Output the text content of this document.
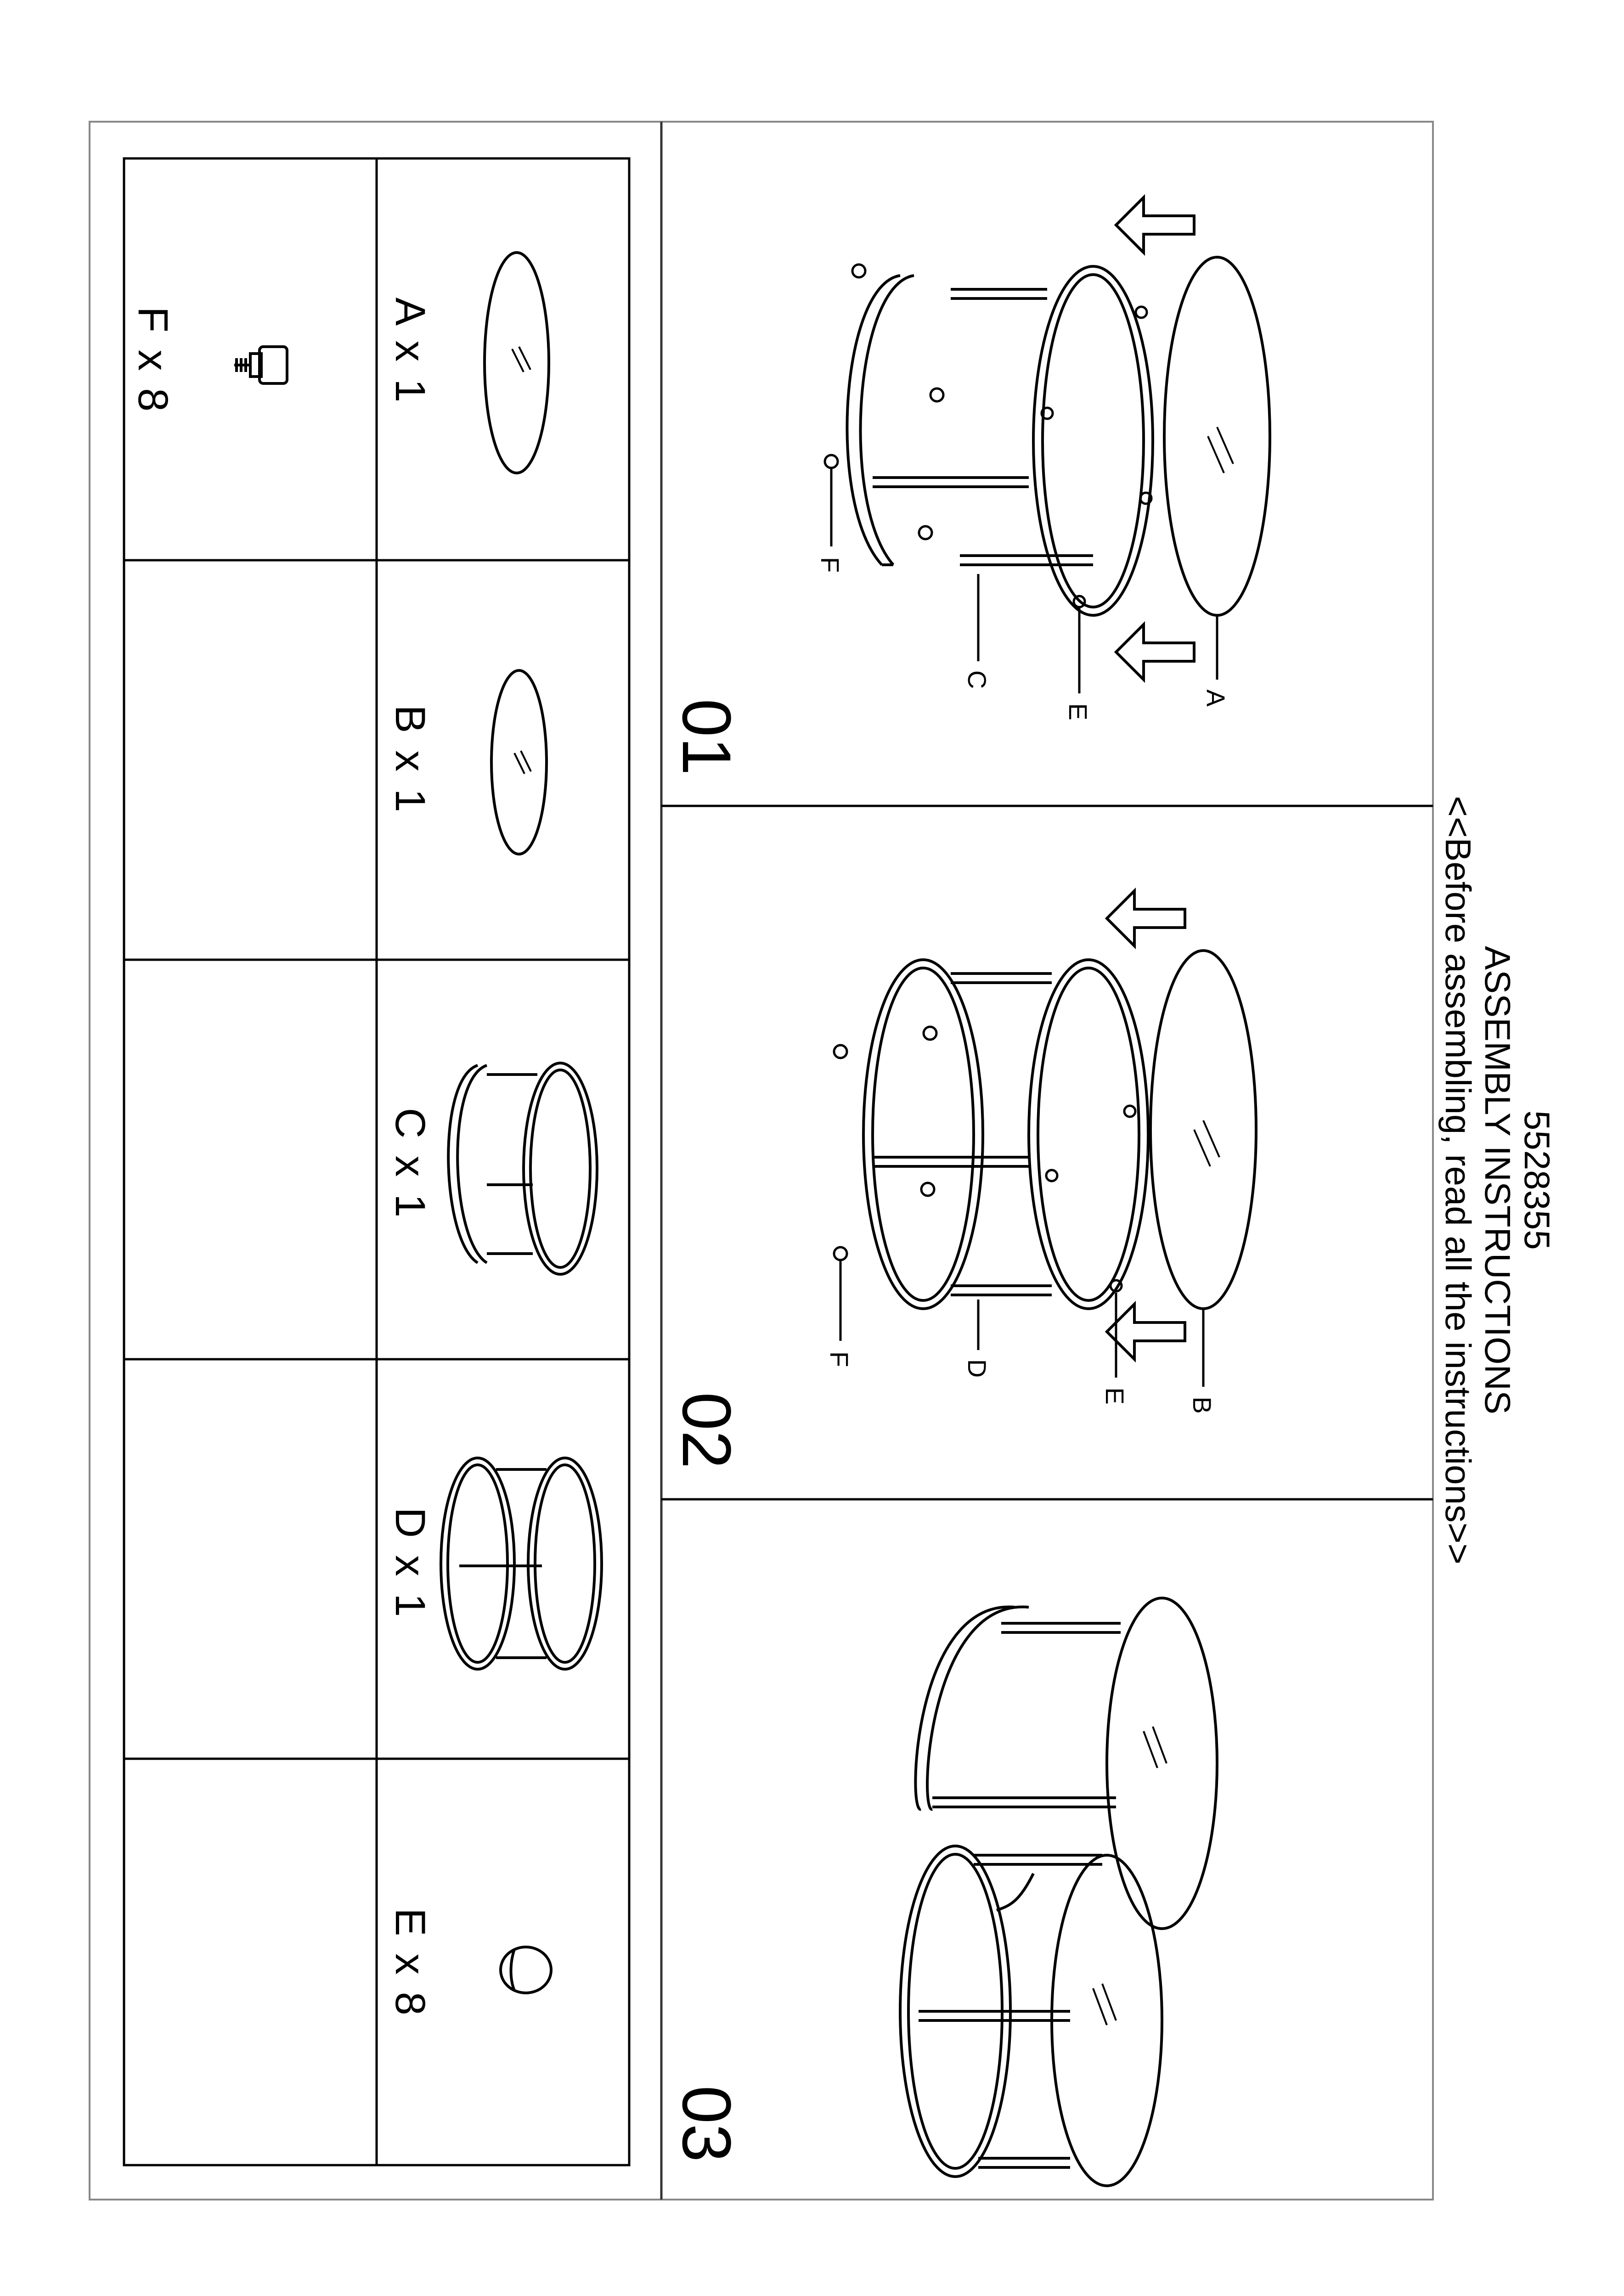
A
E
C
F
01
B
E
D
F
02
03
5528355
ASSEMBLY INSTRUCTIONS
<<Before assembling, read all the instructions>>
A x 1
B x 1
C x 1
D x 1
E x 8
F x 8
